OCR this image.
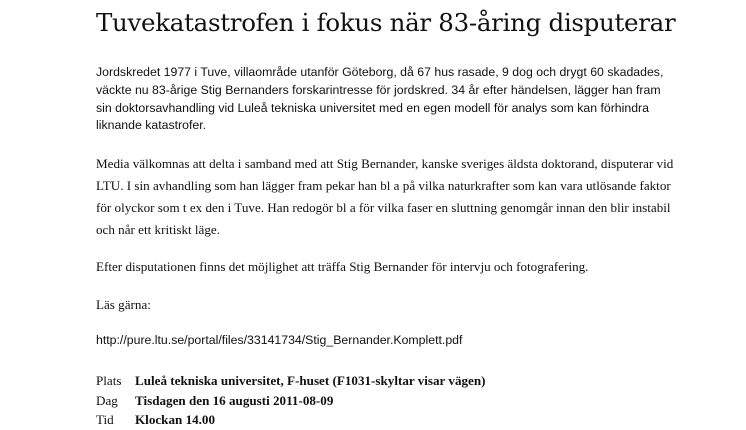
Tuvekatastrofen i fokus när 83-åring disputerar

Jordskredet 1977 i Tuve, villaområde utanför Göteborg, då 67 hus rasade, 9 dog och drygt 60 skadades, väckte nu 83-årige Stig Bernanders forskarintresse för jordskred. 34 år efter händelsen, lägger han fram sin doktorsavhandling vid Luleå tekniska universitet med en egen modell för analys som kan förhindra liknande katastrofer.

Media välkomnas att delta i samband med att Stig Bernander, kanske sveriges äldsta doktorand, disputerar vid LTU. I sin avhandling som han lägger fram pekar han bl a på vilka naturkrafter som kan vara utlösande faktor för olyckor som t ex den i Tuve. Han redogör bl a för vilka faser en sluttning genomgår innan den blir instabil och når ett kritiskt läge.

Efter disputationen finns det möjlighet att träffa Stig Bernander för intervju och fotografering.

Läs gärna:

http://pure.ltu.se/portal/files/33141734/Stig_Bernander.Komplett.pdf
Plats	Luleå tekniska universitet, F-huset (F1031-skyltar visar vägen)
Dag	Tisdagen den 16 augusti 2011-08-09
Tid	Klockan 14.00
